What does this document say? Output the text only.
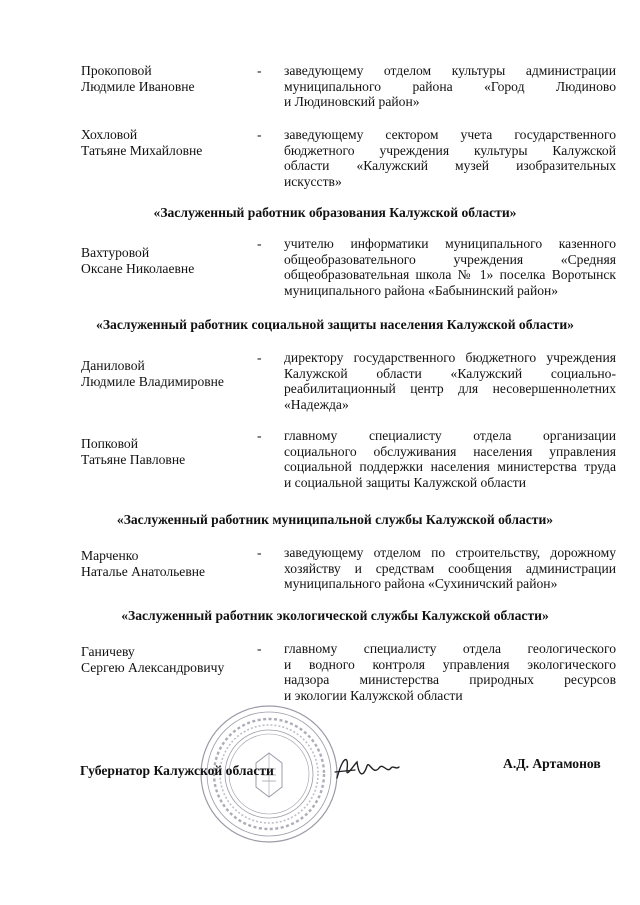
Прокоповой
Людмиле Ивановне
- заведующему отделом культуры администрации
муниципального района «Город Людиново
и Людиновский район»
Хохловой
Татьяне Михайловне
- заведующему сектором учета государственного
бюджетного учреждения культуры Калужской
области «Калужский музей изобразительных
искусств»
«Заслуженный работник образования Калужской области»
Вахтуровой
Оксане Николаевне
- учителю информатики муниципального казенного
общеобразовательного учреждения «Средняя
общеобразовательная школа № 1» поселка Воротынск
муниципального района «Бабынинский район»
«Заслуженный работник социальной защиты населения Калужской области»
Даниловой
Людмиле Владимировне
- директору государственного бюджетного учреждения
Калужской области «Калужский социально-
реабилитационный центр для несовершеннолетних
«Надежда»
Попковой
Татьяне Павловне
- главному специалисту отдела организации
социального обслуживания населения управления
социальной поддержки населения министерства труда
и социальной защиты Калужской области
«Заслуженный работник муниципальной службы Калужской области»
Марченко
Наталье Анатольевне
- заведующему отделом по строительству, дорожному
хозяйству и средствам сообщения администрации
муниципального района «Сухиничский район»
«Заслуженный работник экологической службы Калужской области»
Ганичеву
Сергею Александровичу
- главному специалисту отдела геологического
и водного контроля управления экологического
надзора министерства природных ресурсов
и экологии Калужской области
Губернатор Калужской области	А.Д. Артамонов
